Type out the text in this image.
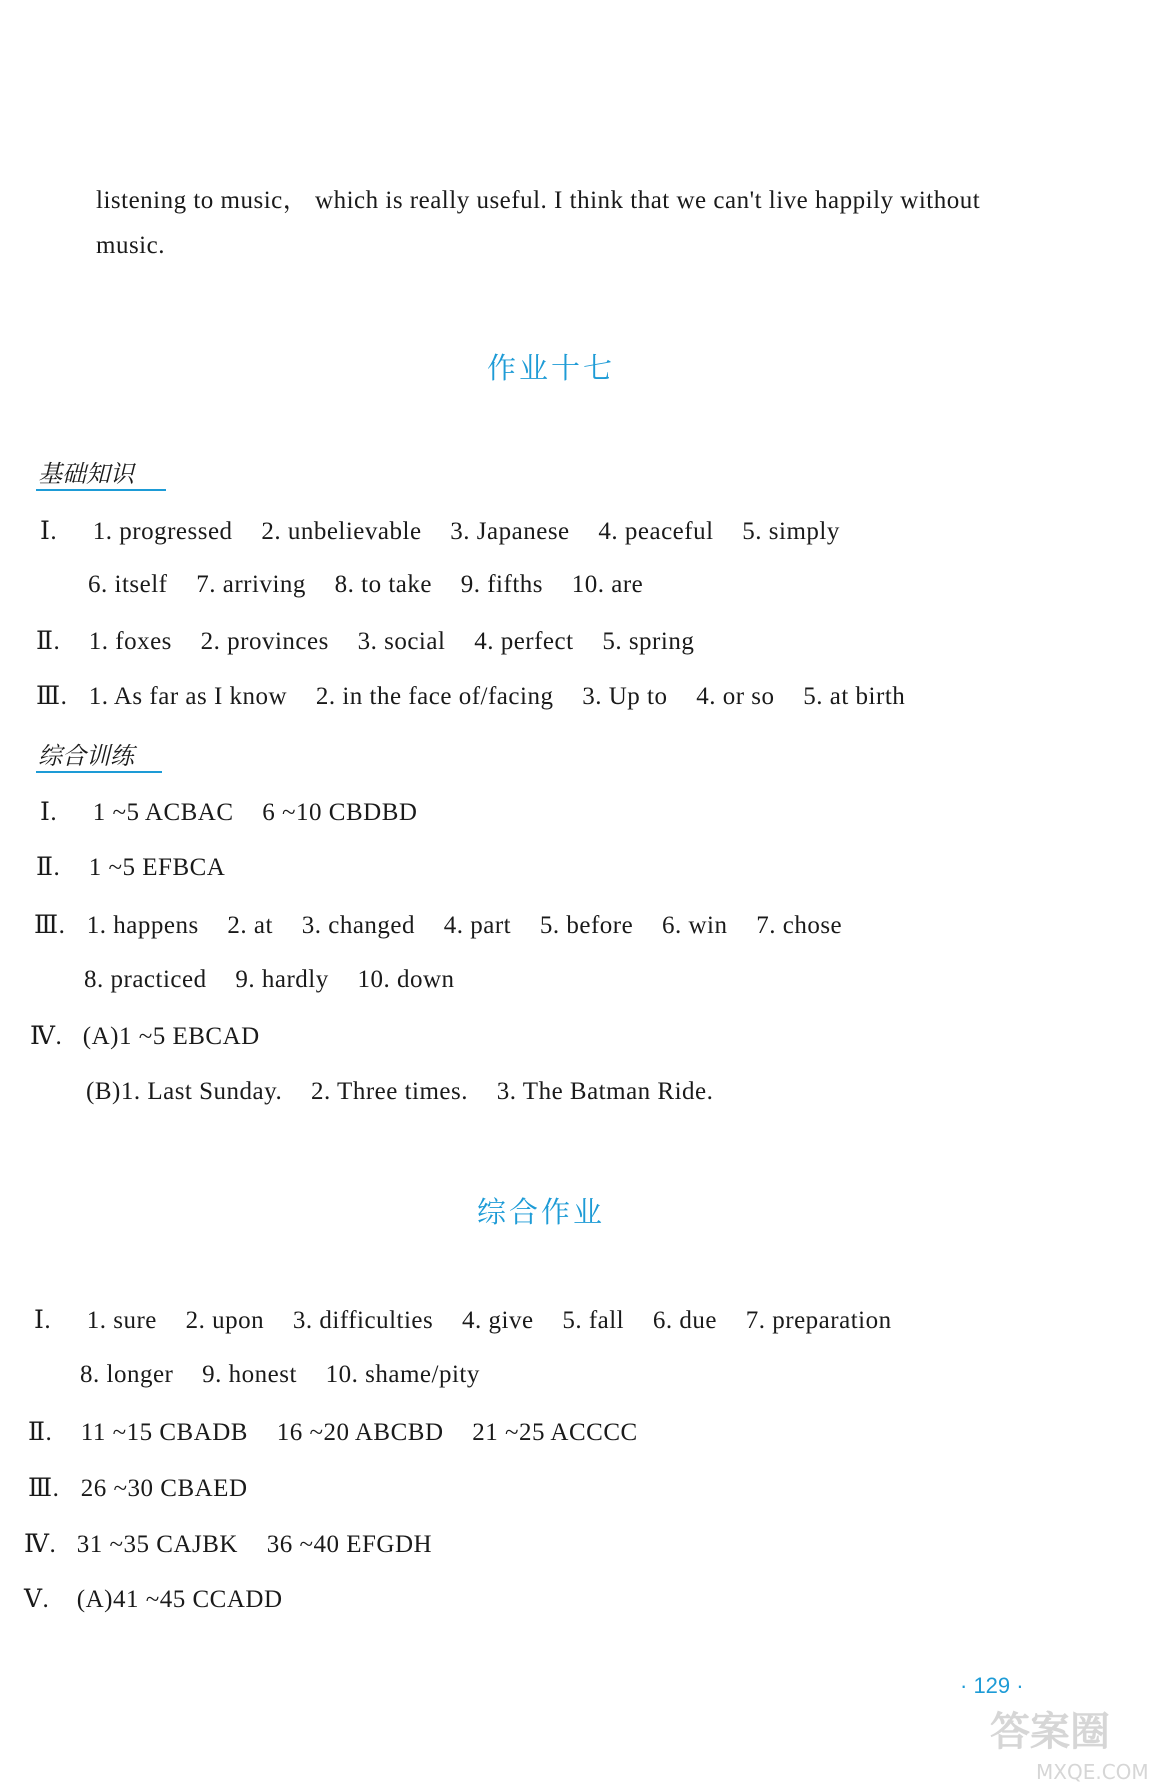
listening to music， which is really useful. I think that we can't live happily without
music.
作业十七
基础知识
Ⅰ. 1. progressed 2. unbelievable 3. Japanese 4. peaceful 5. simply
6. itself 7. arriving 8. to take 9. fifths 10. are
Ⅱ. 1. foxes 2. provinces 3. social 4. perfect 5. spring
Ⅲ. 1. As far as I know 2. in the face of/facing 3. Up to 4. or so 5. at birth
综合训练
Ⅰ. 1 ~5 ACBAC 6 ~10 CBDBD
Ⅱ. 1 ~5 EFBCA
Ⅲ. 1. happens 2. at 3. changed 4. part 5. before 6. win 7. chose
8. practiced 9. hardly 10. down
Ⅳ. (A)1 ~5 EBCAD
(B)1. Last Sunday. 2. Three times. 3. The Batman Ride.
综合作业
Ⅰ. 1. sure 2. upon 3. difficulties 4. give 5. fall 6. due 7. preparation
8. longer 9. honest 10. shame/pity
Ⅱ. 11 ~15 CBADB 16 ~20 ABCBD 21 ~25 ACCCC
Ⅲ. 26 ~30 CBAED
Ⅳ. 31 ~35 CAJBK 36 ~40 EFGDH
Ⅴ. (A)41 ~45 CCADD
· 129 ·
答案圈
MXQE.COM
